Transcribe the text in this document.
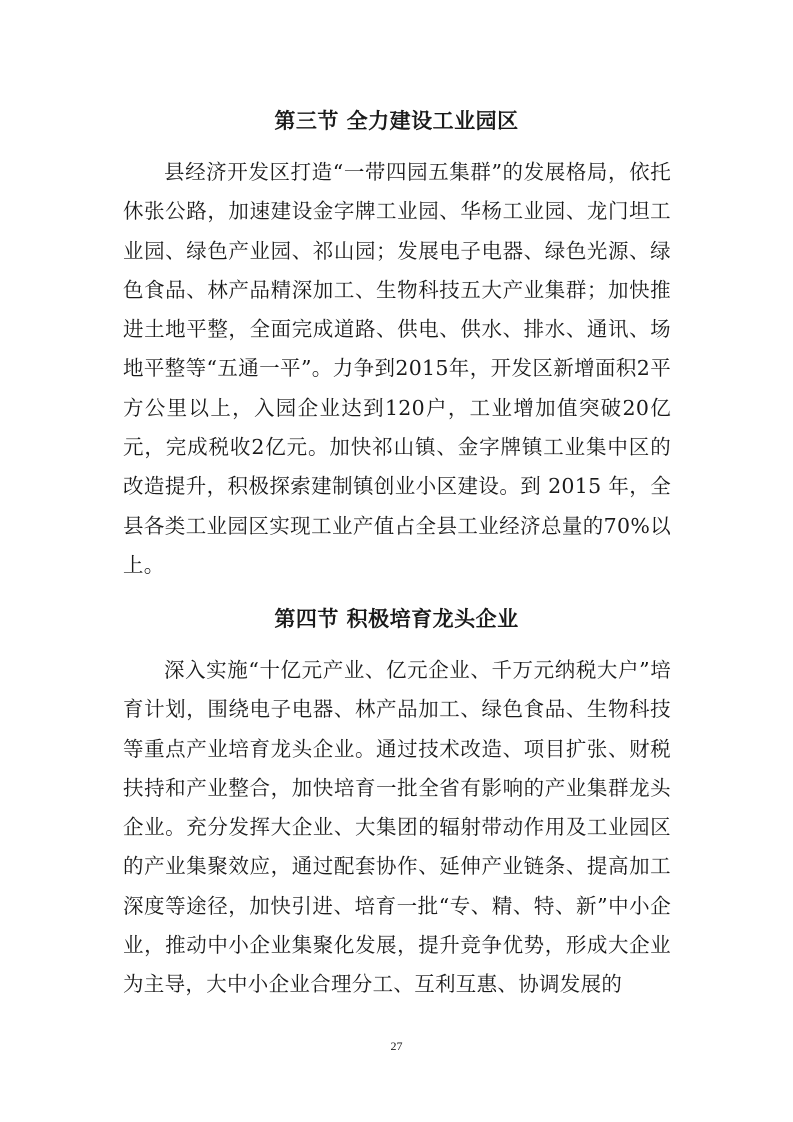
第三节 全力建设工业园区

县经济开发区打造“一带四园五集群”的发展格局，依托休张公路，加速建设金字牌工业园、华杨工业园、龙门坦工业园、绿色产业园、祁山园；发展电子电器、绿色光源、绿色食品、林产品精深加工、生物科技五大产业集群；加快推进土地平整，全面完成道路、供电、供水、排水、通讯、场地平整等“五通一平”。力争到2015年，开发区新增面积2平方公里以上，入园企业达到120户，工业增加值突破20亿元，完成税收2亿元。加快祁山镇、金字牌镇工业集中区的改造提升，积极探索建制镇创业小区建设。到 2015 年，全县各类工业园区实现工业产值占全县工业经济总量的70%以上。

第四节 积极培育龙头企业

深入实施“十亿元产业、亿元企业、千万元纳税大户”培育计划，围绕电子电器、林产品加工、绿色食品、生物科技等重点产业培育龙头企业。通过技术改造、项目扩张、财税扶持和产业整合，加快培育一批全省有影响的产业集群龙头企业。充分发挥大企业、大集团的辐射带动作用及工业园区的产业集聚效应，通过配套协作、延伸产业链条、提高加工深度等途径，加快引进、培育一批“专、精、特、新”中小企业，推动中小企业集聚化发展，提升竞争优势，形成大企业为主导，大中小企业合理分工、互利互惠、协调发展的

27
